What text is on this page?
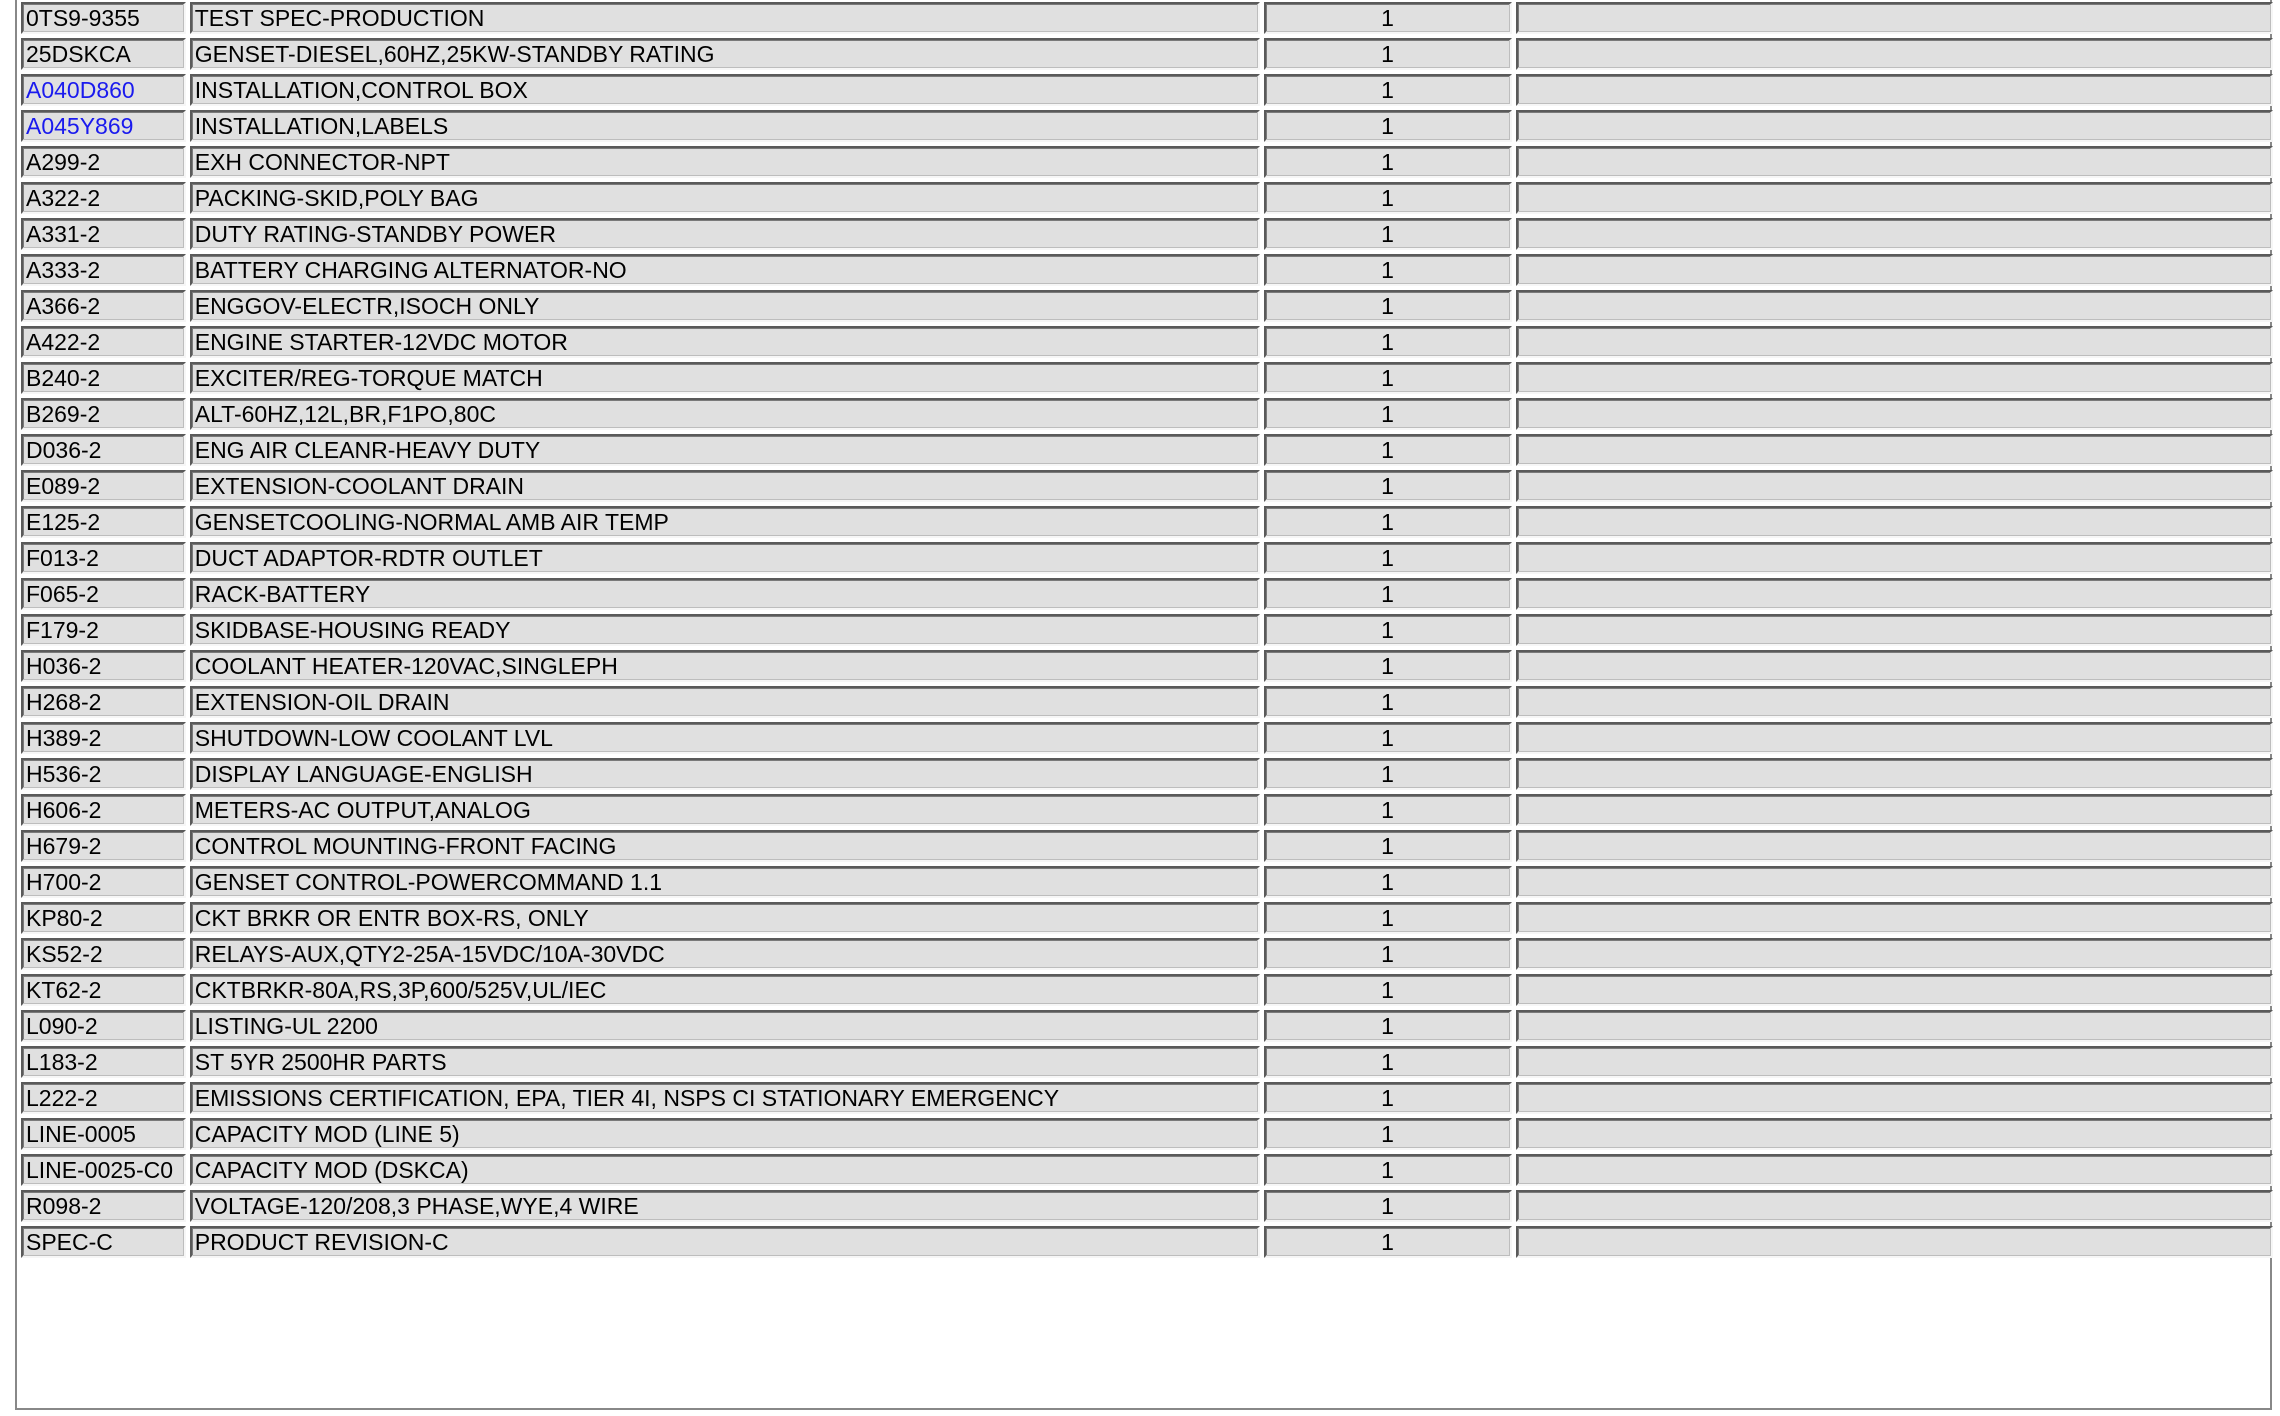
0TS9-9355	TEST SPEC-PRODUCTION	1	
25DSKCA	GENSET-DIESEL,60HZ,25KW-STANDBY RATING	1	
A040D860	INSTALLATION,CONTROL BOX	1	
A045Y869	INSTALLATION,LABELS	1	
A299-2	EXH CONNECTOR-NPT	1	
A322-2	PACKING-SKID,POLY BAG	1	
A331-2	DUTY RATING-STANDBY POWER	1	
A333-2	BATTERY CHARGING ALTERNATOR-NO	1	
A366-2	ENGGOV-ELECTR,ISOCH ONLY	1	
A422-2	ENGINE STARTER-12VDC MOTOR	1	
B240-2	EXCITER/REG-TORQUE MATCH	1	
B269-2	ALT-60HZ,12L,BR,F1PO,80C	1	
D036-2	ENG AIR CLEANR-HEAVY DUTY	1	
E089-2	EXTENSION-COOLANT DRAIN	1	
E125-2	GENSETCOOLING-NORMAL AMB AIR TEMP	1	
F013-2	DUCT ADAPTOR-RDTR OUTLET	1	
F065-2	RACK-BATTERY	1	
F179-2	SKIDBASE-HOUSING READY	1	
H036-2	COOLANT HEATER-120VAC,SINGLEPH	1	
H268-2	EXTENSION-OIL DRAIN	1	
H389-2	SHUTDOWN-LOW COOLANT LVL	1	
H536-2	DISPLAY LANGUAGE-ENGLISH	1	
H606-2	METERS-AC OUTPUT,ANALOG	1	
H679-2	CONTROL MOUNTING-FRONT FACING	1	
H700-2	GENSET CONTROL-POWERCOMMAND 1.1	1	
KP80-2	CKT BRKR OR ENTR BOX-RS, ONLY	1	
KS52-2	RELAYS-AUX,QTY2-25A-15VDC/10A-30VDC	1	
KT62-2	CKTBRKR-80A,RS,3P,600/525V,UL/IEC	1	
L090-2	LISTING-UL 2200	1	
L183-2	ST 5YR 2500HR PARTS	1	
L222-2	EMISSIONS CERTIFICATION, EPA, TIER 4I, NSPS CI STATIONARY EMERGENCY	1	
LINE-0005	CAPACITY MOD (LINE 5)	1	
LINE-0025-C0	CAPACITY MOD (DSKCA)	1	
R098-2	VOLTAGE-120/208,3 PHASE,WYE,4 WIRE	1	
SPEC-C	PRODUCT REVISION-C	1	
